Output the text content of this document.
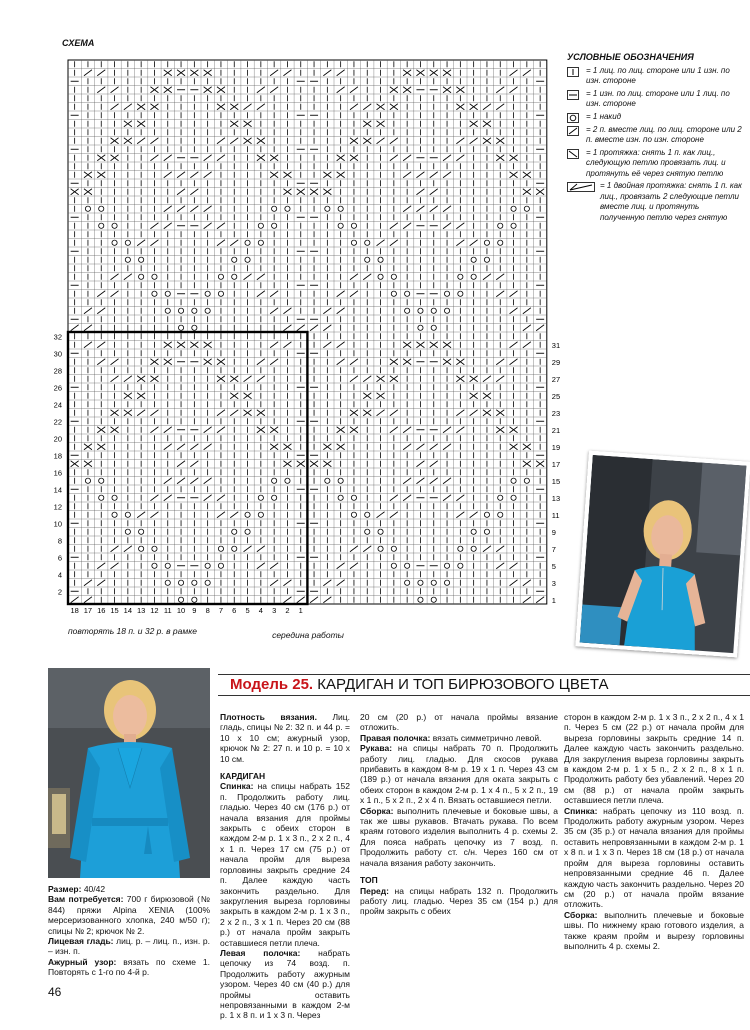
СХЕМА
32
30
28
26
24
22
20
18
16
14
12
10
8
6
4
2
31
29
27
25
23
21
19
17
15
13
11
9
7
5
3
1
18 17 16 15 14 13 12 11 10 9 8 7 6 5 4 3 2 1
повторять 18 п. и 32 р. в рамке	середина работы
УСЛОВНЫЕ ОБОЗНАЧЕНИЯ
= 1 лиц. по лиц. стороне или 1 изн. по изн. стороне
= 1 изн. по лиц. стороне или 1 лиц. по изн. стороне
= 1 накид
= 2 п. вместе лиц. по лиц. стороне или 2 п. вместе изн. по изн. стороне
= 1 протяжка: снять 1 п. как лиц., следующую петлю провязать лиц. и протянуть её через снятую петлю
= 1 двойная протяжка: снять 1 п. как лиц., провязать 2 следующие петли вместе лиц. и протянуть полученную петлю через снятую
Модель 25. КАРДИГАН И ТОП БИРЮЗОВОГО ЦВЕТА

Размер: 40/42

Вам потребуется: 700 г бирюзовой (№ 844) пряжи Alpina XENIA (100% мерсеризованного хлопка, 240 м/50 г); спицы № 2; крючок № 2.

Лицевая гладь: лиц. р. – лиц. п., изн. р. – изн. п.

Ажурный узор: вязать по схеме 1. Повторять с 1-го по 4-й р.

Плотность вязания. Лиц. гладь, спицы № 2: 32 п. и 44 р. = 10 х 10 см; ажурный узор, крючок № 2: 27 п. и 10 р. = 10 х 10 см.

КАРДИГАН

Спинка: на спицы набрать 152 п. Продолжить работу лиц. гладью. Через 40 см (176 р.) от начала вязания для проймы закрыть с обеих сторон в каждом 2-м р. 1 х 3 п., 2 х 2 п., 4 х 1 п. Через 17 см (75 р.) от начала пройм для выреза горловины закрыть средние 24 п. Далее каждую часть закончить раздельно. Для закругления выреза горловины закрыть в каждом 2-м р. 1 х 3 п., 2 х 2 п., 3 х 1 п. Через 20 см (88 р.) от начала пройм закрыть оставшиеся петли плеча.

Левая полочка: набрать цепочку из 74 возд. п. Продолжить работу ажурным узором. Через 40 см (40 р.) для проймы оставить непровязанными в каждом 2-м р. 1 х 8 п. и 1 х 3 п. Через

20 см (20 р.) от начала проймы вязание отложить.

Правая полочка: вязать симметрично левой.

Рукава: на спицы набрать 70 п. Продолжить работу лиц. гладью. Для скосов рукава прибавить в каждом 8-м р. 19 х 1 п. Через 43 см (189 р.) от начала вязания для оката закрыть с обеих сторон в каждом 2-м р. 1 х 4 п., 5 х 2 п., 19 х 1 п., 5 х 2 п., 2 х 4 п. Вязать оставшиеся петли.

Сборка: выполнить плечевые и боковые швы, а так же швы рукавов. Втачать рукава. По всем краям готового изделия выполнить 4 р. схемы 2. Для пояса набрать цепочку из 7 возд. п. Продолжить работу ст. с/н. Через 160 см от начала вязания работу закончить.

ТОП

Перед: на спицы набрать 132 п. Продолжить работу лиц. гладью. Через 35 см (154 р.) для пройм закрыть с обеих

сторон в каждом 2-м р. 1 х 3 п., 2 х 2 п., 4 х 1 п. Через 5 см (22 р.) от начала пройм для выреза горловины закрыть средние 14 п. Далее каждую часть закончить раздельно. Для закругления выреза горловины закрыть в каждом 2-м р. 1 х 5 п., 2 х 2 п., 8 х 1 п. Продолжить работу без убавлений. Через 20 см (88 р.) от начала пройм закрыть оставшиеся петли плеча.

Спинка: набрать цепочку из 110 возд. п. Продолжить работу ажурным узором. Через 35 см (35 р.) от начала вязания для проймы оставить непровязанными в каждом 2-м р. 1 х 8 п. и 1 х 3 п. Через 18 см (18 р.) от начала пройм для выреза горловины оставить непровязанными средние 46 п. Далее каждую часть закончить раздельно. Через 20 см (20 р.) от начала пройм вязание отложить.

Сборка: выполнить плечевые и боковые швы. По нижнему краю готового изделия, а также краям пройм и вырезу горловины выполнить 4 р. схемы 2.

46
